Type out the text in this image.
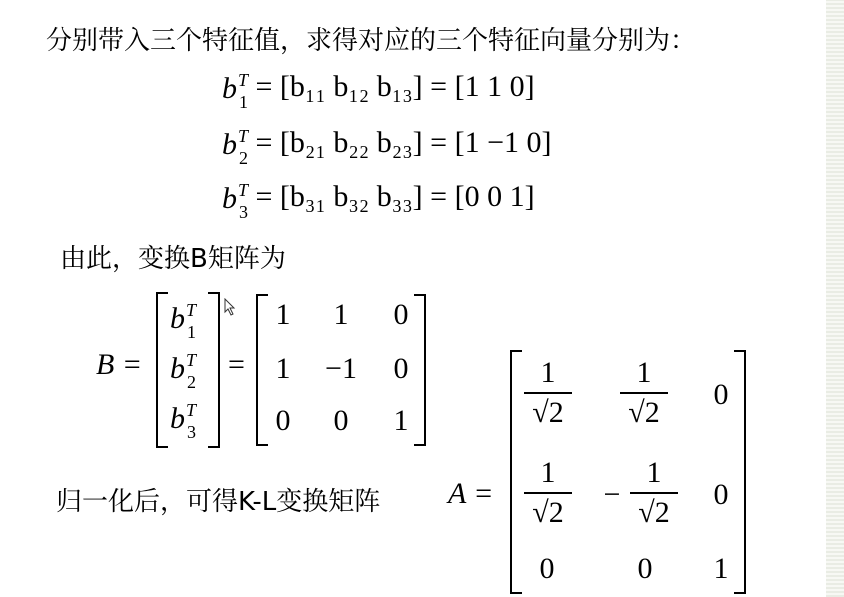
分别带入三个特征值，求得对应的三个特征向量分别为：
b T
1 = [b₁₁ b₁₂ b₁₃] = [1 1 0]
b T
2 = [b₂₁ b₂₂ b₂₃] = [1 −1 0]
b T
3 = [b₃₁ b₃₂ b₃₃] = [0 0 1]
由此，变换B矩阵为
B =
b T
1
b T
2
b T
3
=
1 1 0
1 −1 0
0 0 1
归一化后，可得K-L变换矩阵 A =
1
√2
1
√2
0
1
√2
−
1
√2
0
0	0 1
